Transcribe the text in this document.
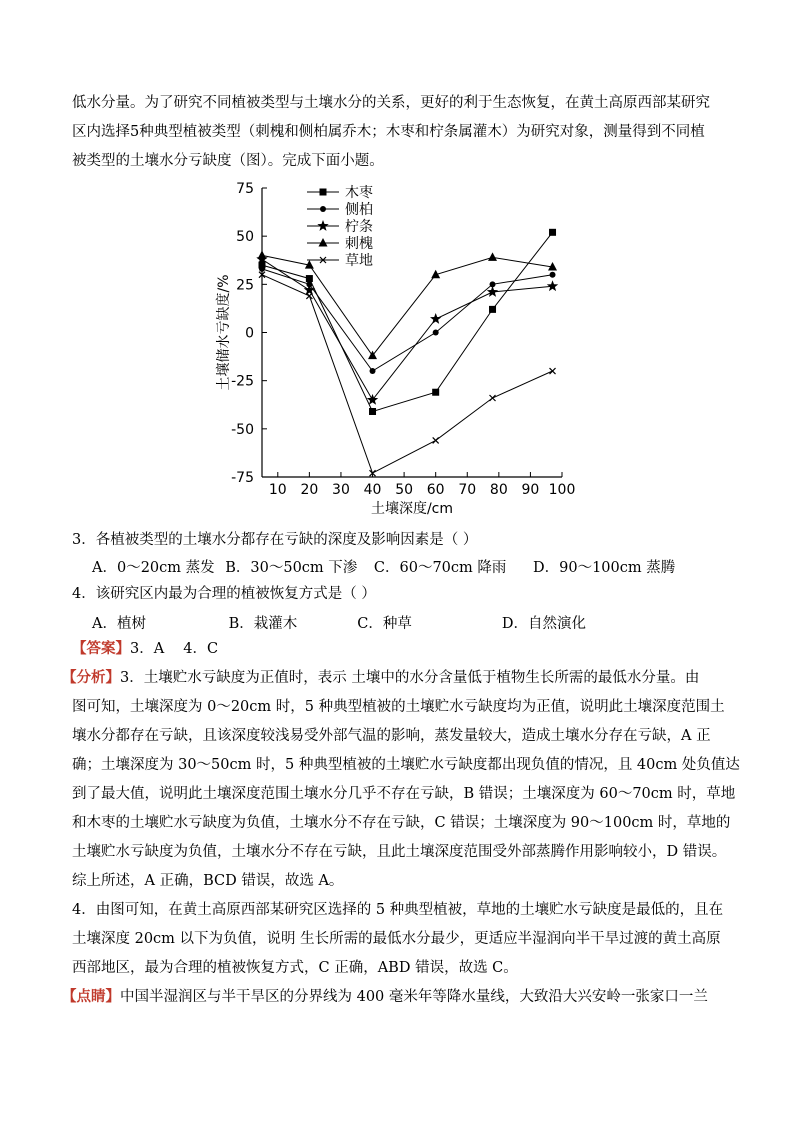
低水分量。为了研究不同植被类型与土壤水分的关系，更好的利于生态恢复，在黄土高原西部某研究
区内选择5种典型植被类型（刺槐和侧柏属乔木；木枣和柠条属灌木）为研究对象，测量得到不同植
被类型的土壤水分亏缺度（图）。完成下面小题。
75
50
25
0
-25
-50
-75
10 20 30 40 50 60 70 80 90 100
土壤深度/cm
土壤储水亏缺度/%
木枣
侧柏
柠条
刺槐
草地
3．各植被类型的土壤水分都存在亏缺的深度及影响因素是（ ）
A．0～20cm 蒸发 B．30～50cm 下渗 C．60～70cm 降雨 D．90～100cm 蒸腾
4．该研究区内最为合理的植被恢复方式是（ ）
A．植树	B．栽灌木	C．种草	D．自然演化
【答案】3．A　 4．C
【分析】3．土壤贮水亏缺度为正值时，表示 土壤中的水分含量低于植物生长所需的最低水分量。由
图可知，土壤深度为 0～20cm 时，5 种典型植被的土壤贮水亏缺度均为正值，说明此土壤深度范围土
壤水分都存在亏缺，且该深度较浅易受外部气温的影响，蒸发量较大，造成土壤水分存在亏缺，A 正
确；土壤深度为 30～50cm 时，5 种典型植被的土壤贮水亏缺度都出现负值的情况，且 40cm 处负值达
到了最大值，说明此土壤深度范围土壤水分几乎不存在亏缺，B 错误；土壤深度为 60～70cm 时，草地
和木枣的土壤贮水亏缺度为负值，土壤水分不存在亏缺，C 错误；土壤深度为 90～100cm 时，草地的
土壤贮水亏缺度为负值，土壤水分不存在亏缺，且此土壤深度范围受外部蒸腾作用影响较小，D 错误。
综上所述，A 正确，BCD 错误，故选 A。
4．由图可知，在黄土高原西部某研究区选择的 5 种典型植被，草地的土壤贮水亏缺度是最低的，且在
土壤深度 20cm 以下为负值，说明 生长所需的最低水分最少，更适应半湿润向半干旱过渡的黄土高原
西部地区，最为合理的植被恢复方式，C 正确，ABD 错误，故选 C。
【点睛】中国半湿润区与半干旱区的分界线为 400 毫米年等降水量线，大致沿大兴安岭一张家口一兰
